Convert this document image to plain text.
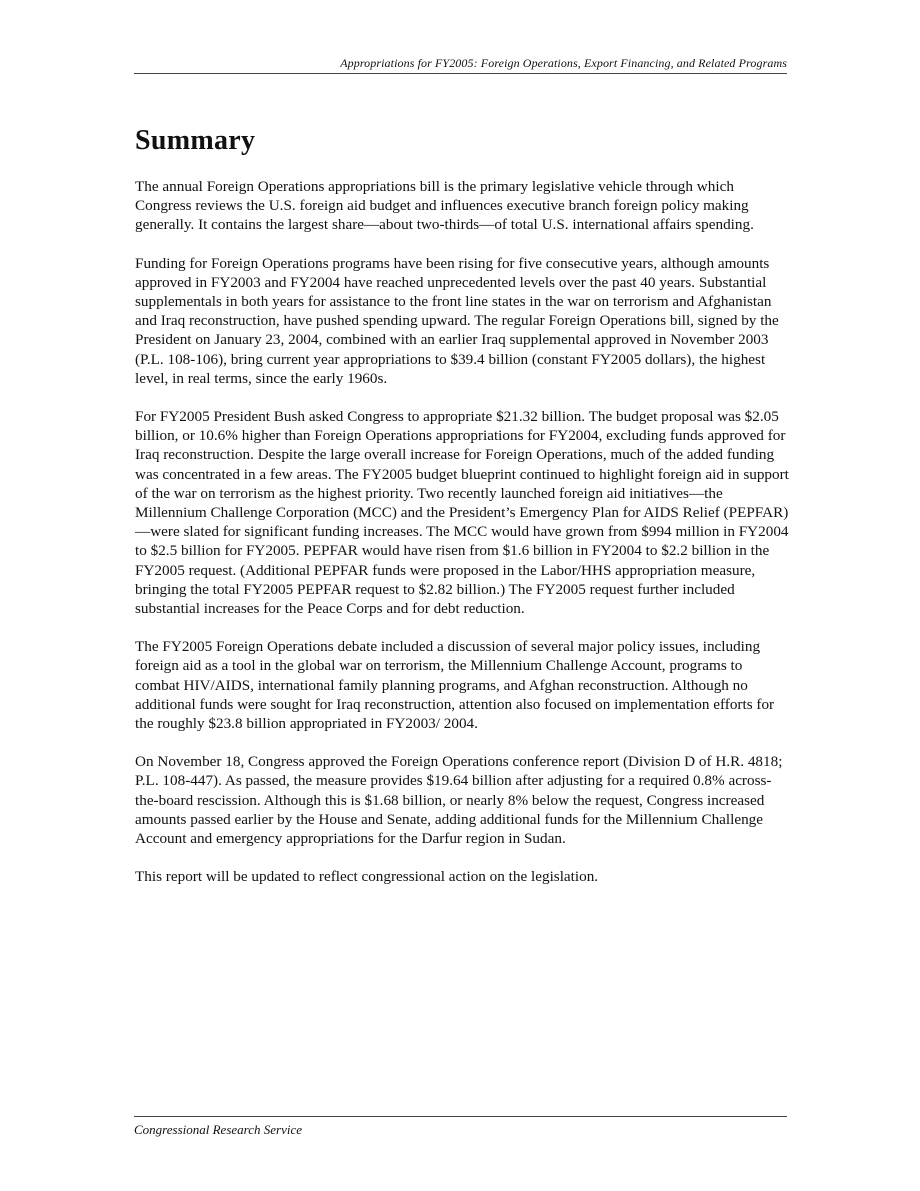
Appropriations for FY2005: Foreign Operations, Export Financing, and Related Programs
Summary

The annual Foreign Operations appropriations bill is the primary legislative vehicle through which Congress reviews the U.S. foreign aid budget and influences executive branch foreign policy making generally. It contains the largest share—about two-thirds—of total U.S. international affairs spending.

Funding for Foreign Operations programs have been rising for five consecutive years, although amounts approved in FY2003 and FY2004 have reached unprecedented levels over the past 40 years. Substantial supplementals in both years for assistance to the front line states in the war on terrorism and Afghanistan and Iraq reconstruction, have pushed spending upward. The regular Foreign Operations bill, signed by the President on January 23, 2004, combined with an earlier Iraq supplemental approved in November 2003 (P.L. 108-106), bring current year appropriations to $39.4 billion (constant FY2005 dollars), the highest level, in real terms, since the early 1960s.

For FY2005 President Bush asked Congress to appropriate $21.32 billion. The budget proposal was $2.05 billion, or 10.6% higher than Foreign Operations appropriations for FY2004, excluding funds approved for Iraq reconstruction. Despite the large overall increase for Foreign Operations, much of the added funding was concentrated in a few areas. The FY2005 budget blueprint continued to highlight foreign aid in support of the war on terrorism as the highest priority. Two recently launched foreign aid initiatives—the Millennium Challenge Corporation (MCC) and the President’s Emergency Plan for AIDS Relief (PEPFAR)—were slated for significant funding increases. The MCC would have grown from $994 million in FY2004 to $2.5 billion for FY2005. PEPFAR would have risen from $1.6 billion in FY2004 to $2.2 billion in the FY2005 request. (Additional PEPFAR funds were proposed in the Labor/HHS appropriation measure, bringing the total FY2005 PEPFAR request to $2.82 billion.) The FY2005 request further included substantial increases for the Peace Corps and for debt reduction.

The FY2005 Foreign Operations debate included a discussion of several major policy issues, including foreign aid as a tool in the global war on terrorism, the Millennium Challenge Account, programs to combat HIV/AIDS, international family planning programs, and Afghan reconstruction. Although no additional funds were sought for Iraq reconstruction, attention also focused on implementation efforts for the roughly $23.8 billion appropriated in FY2003/ 2004.

On November 18, Congress approved the Foreign Operations conference report (Division D of H.R. 4818; P.L. 108-447). As passed, the measure provides $19.64 billion after adjusting for a required 0.8% across-the-board rescission. Although this is $1.68 billion, or nearly 8% below the request, Congress increased amounts passed earlier by the House and Senate, adding additional funds for the Millennium Challenge Account and emergency appropriations for the Darfur region in Sudan.

This report will be updated to reflect congressional action on the legislation.

Congressional Research Service
